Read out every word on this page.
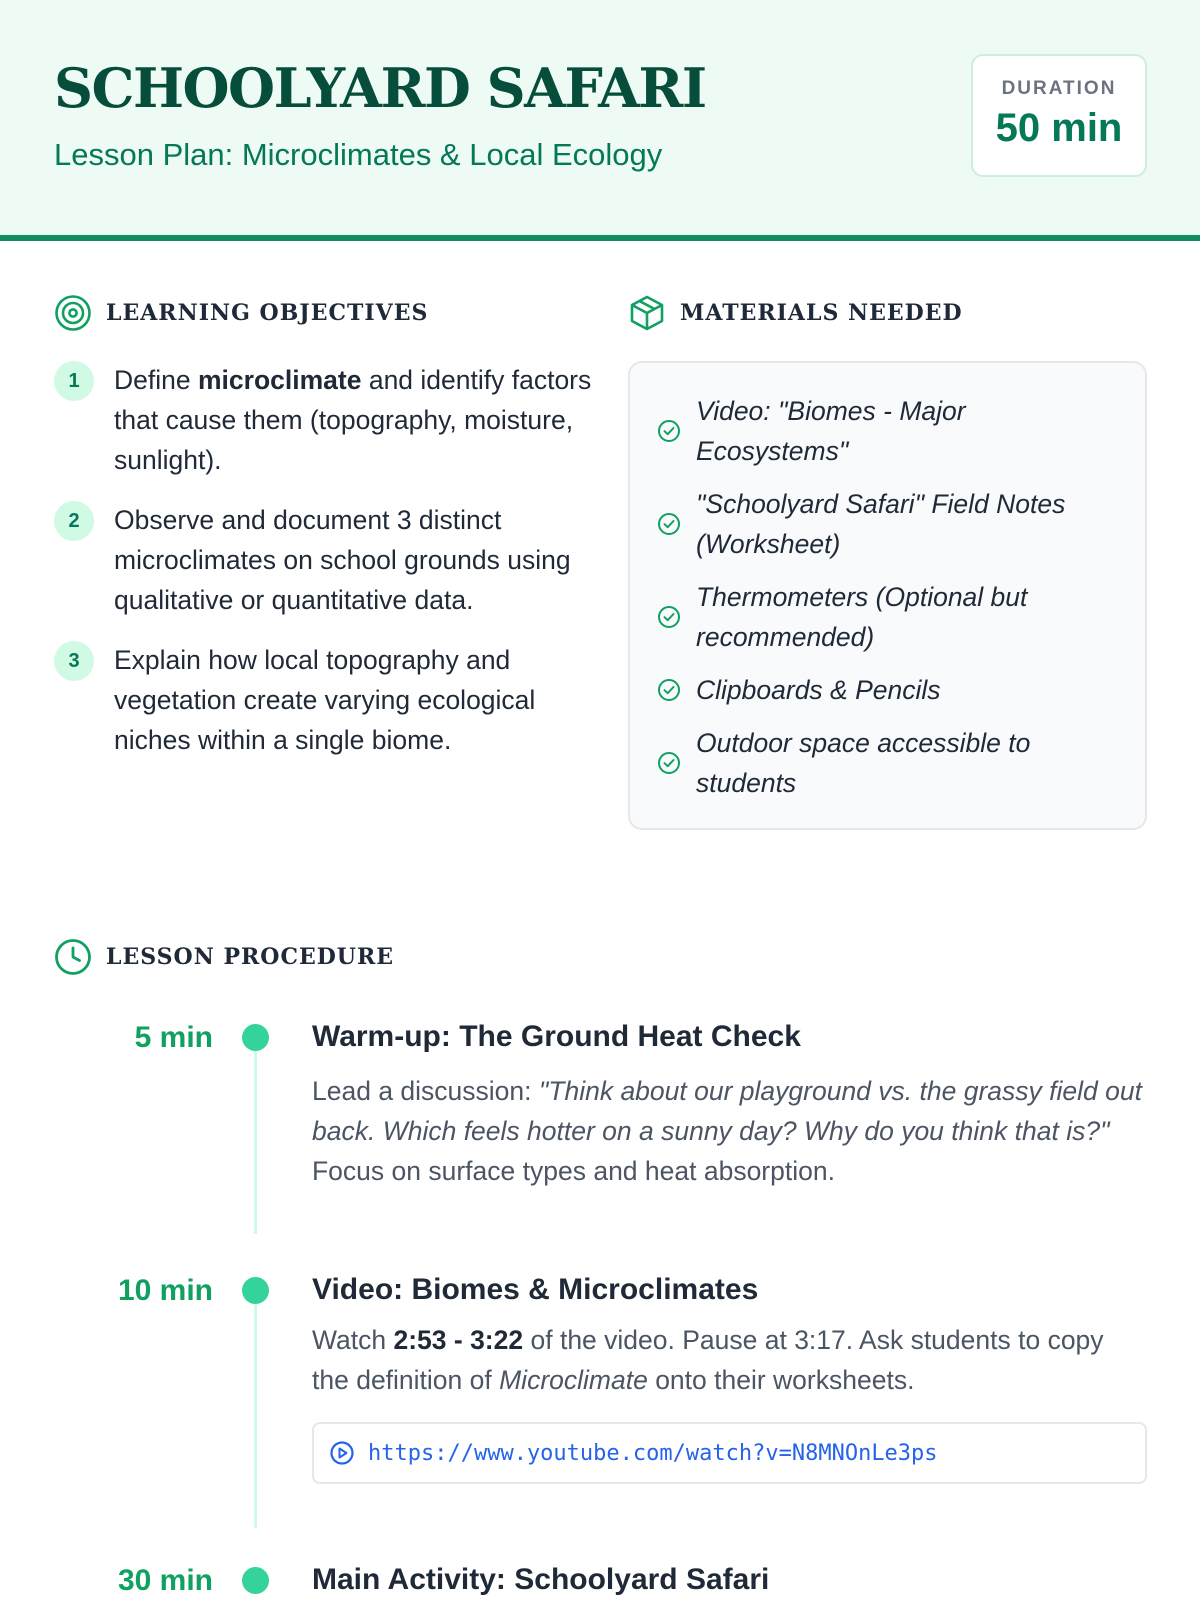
SCHOOLYARD SAFARI
Lesson Plan: Microclimates & Local Ecology
DURATION
50 min
LEARNING OBJECTIVES
1	Define microclimate and identify factors that cause them (topography, moisture, sunlight).
2	Observe and document 3 distinct microclimates on school grounds using qualitative or quantitative data.
3	Explain how local topography and vegetation create varying ecological niches within a single biome.
MATERIALS NEEDED
Video: "Biomes - Major Ecosystems"
"Schoolyard Safari" Field Notes (Worksheet)
Thermometers (Optional but recommended)
Clipboards & Pencils
Outdoor space accessible to students
LESSON PROCEDURE
5 min	Warm-up: The Ground Heat Check
Lead a discussion: "Think about our playground vs. the grassy field out back. Which feels hotter on a sunny day? Why do you think that is?" Focus on surface types and heat absorption.
10 min	Video: Biomes & Microclimates
Watch 2:53 - 3:22 of the video. Pause at 3:17. Ask students to copy the definition of Microclimate onto their worksheets.
https://www.youtube.com/watch?v=N8MNOnLe3ps
30 min	Main Activity: Schoolyard Safari
